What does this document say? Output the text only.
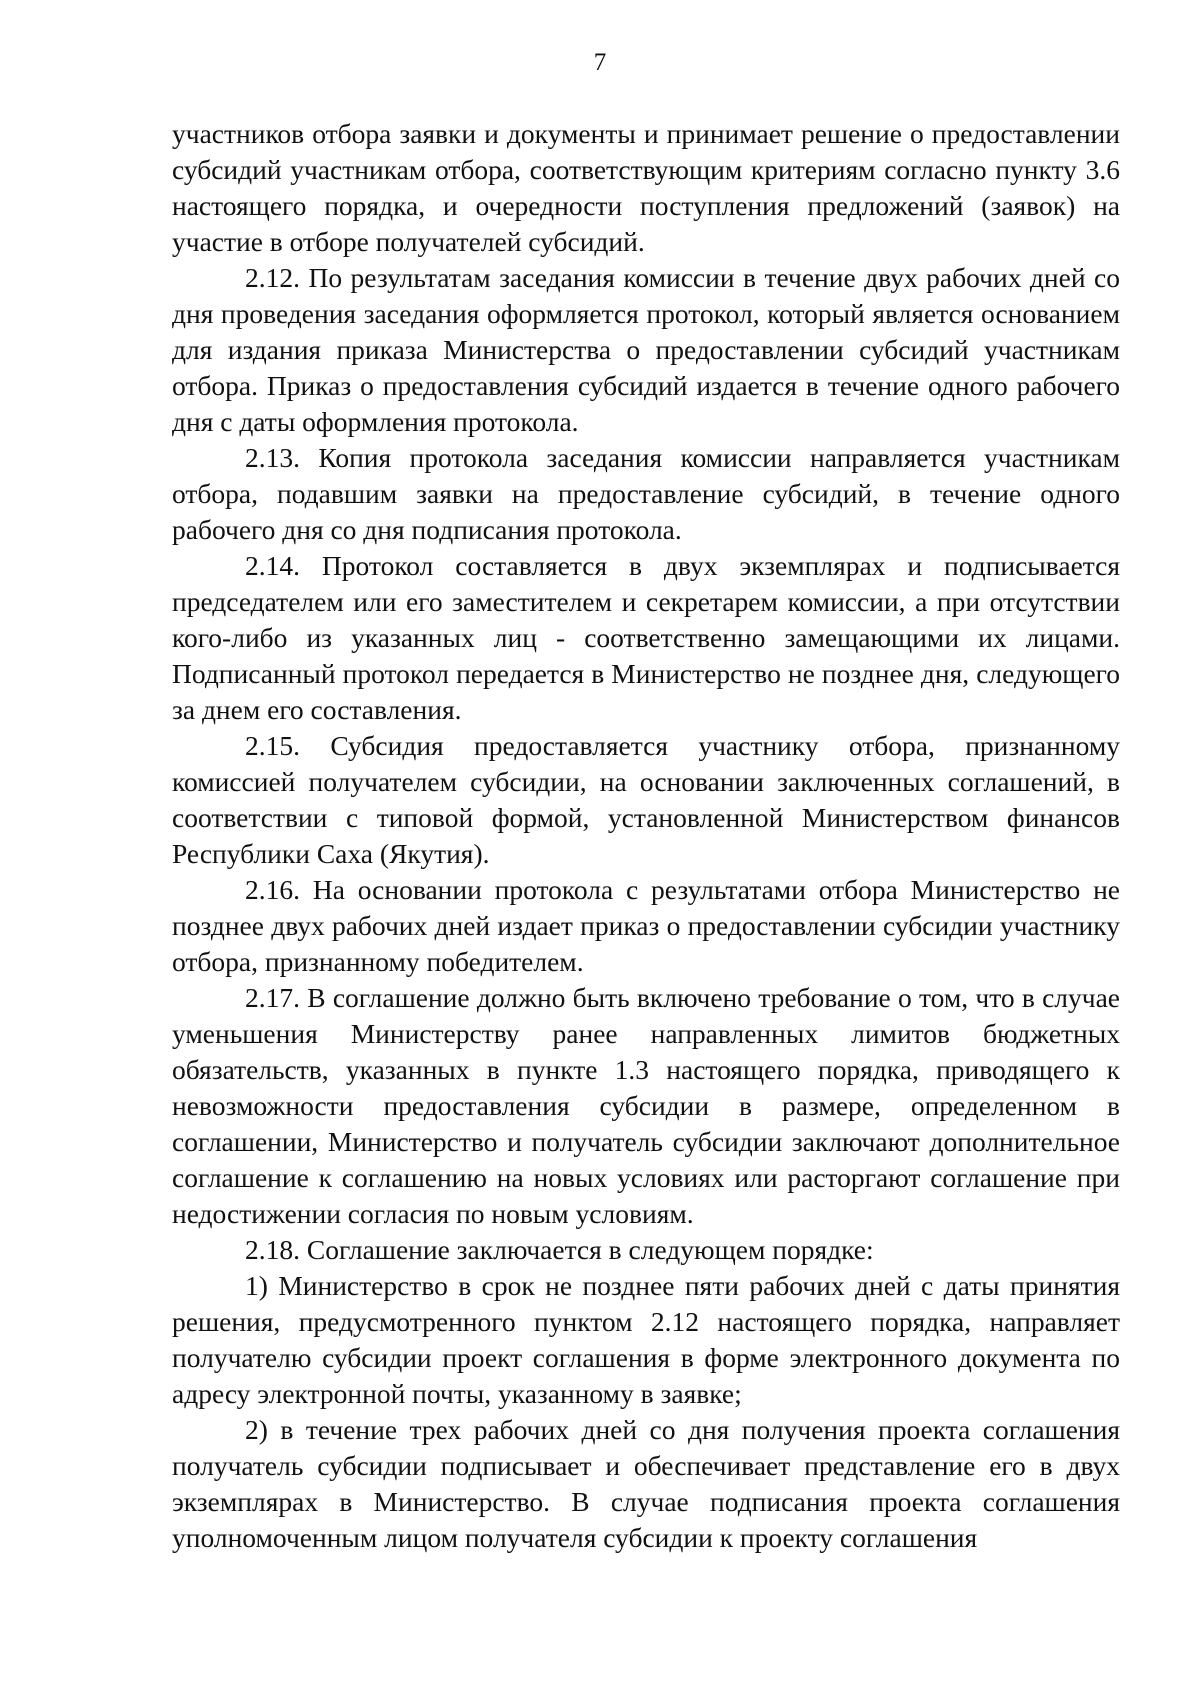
7

участников отбора заявки и документы и принимает решение о предоставлении субсидий участникам отбора, соответствующим критериям согласно пункту 3.6 настоящего порядка, и очередности поступления предложений (заявок) на участие в отборе получателей субсидий.

2.12. По результатам заседания комиссии в течение двух рабочих дней со дня проведения заседания оформляется протокол, который является основанием для издания приказа Министерства о предоставлении субсидий участникам отбора. Приказ о предоставления субсидий издается в течение одного рабочего дня с даты оформления протокола.

2.13. Копия протокола заседания комиссии направляется участникам отбора, подавшим заявки на предоставление субсидий, в течение одного рабочего дня со дня подписания протокола.

2.14. Протокол составляется в двух экземплярах и подписывается председателем или его заместителем и секретарем комиссии, а при отсутствии кого-либо из указанных лиц - соответственно замещающими их лицами. Подписанный протокол передается в Министерство не позднее дня, следующего за днем его составления.

2.15. Субсидия предоставляется участнику отбора, признанному комиссией получателем субсидии, на основании заключенных соглашений, в соответствии с типовой формой, установленной Министерством финансов Республики Саха (Якутия).

2.16. На основании протокола с результатами отбора Министерство не позднее двух рабочих дней издает приказ о предоставлении субсидии участнику отбора, признанному победителем.

2.17. В соглашение должно быть включено требование о том, что в случае уменьшения Министерству ранее направленных лимитов бюджетных обязательств, указанных в пункте 1.3 настоящего порядка, приводящего к невозможности предоставления субсидии в размере, определенном в соглашении, Министерство и получатель субсидии заключают дополнительное соглашение к соглашению на новых условиях или расторгают соглашение при недостижении согласия по новым условиям.

2.18. Соглашение заключается в следующем порядке:

1) Министерство в срок не позднее пяти рабочих дней с даты принятия решения, предусмотренного пунктом 2.12 настоящего порядка, направляет получателю субсидии проект соглашения в форме электронного документа по адресу электронной почты, указанному в заявке;

2) в течение трех рабочих дней со дня получения проекта соглашения получатель субсидии подписывает и обеспечивает представление его в двух экземплярах в Министерство. В случае подписания проекта соглашения уполномоченным лицом получателя субсидии к проекту соглашения
